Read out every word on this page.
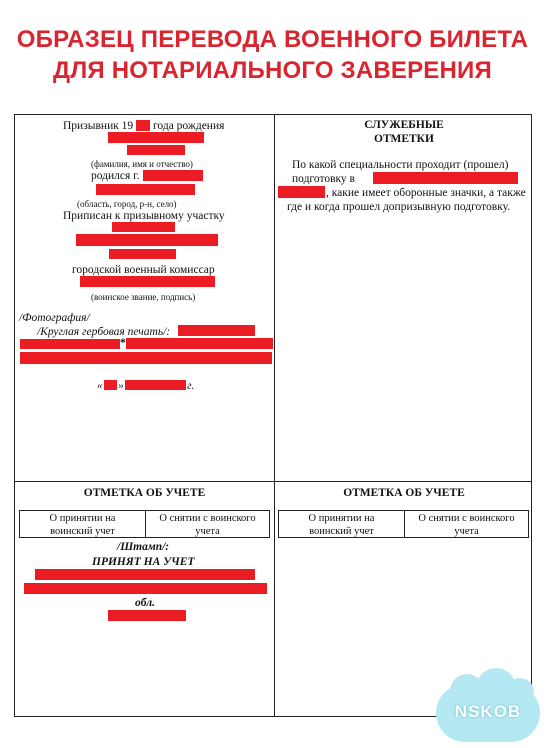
ОБРАЗЕЦ ПЕРЕВОДА ВОЕННОГО БИЛЕТА
ДЛЯ НОТАРИАЛЬНОГО ЗАВЕРЕНИЯ
Призывник 19 года рождения
(фамилия, имя и отчество)
родился г.
(область, город, р-н, село)
Приписан к призывному участку
городской военный комиссар
(воинское звание, подпись)
/Фотография/
/Круглая гербовая печать/:
*
« »	г.
СЛУЖЕБНЫЕ
ОТМЕТКИ
По какой специальности проходит (прошел)
подготовку в
, какие имеет оборонные значки, а также
где и когда прошел допризывную подготовку.
ОТМЕТКА ОБ УЧЕТЕ
О принятии на
воинский учет
О снятии с воинского
учета
/Штамп/:
ПРИНЯТ НА УЧЕТ
обл.
ОТМЕТКА ОБ УЧЕТЕ
О принятии на
воинский учет
О снятии с воинского
учета
NSKOB
